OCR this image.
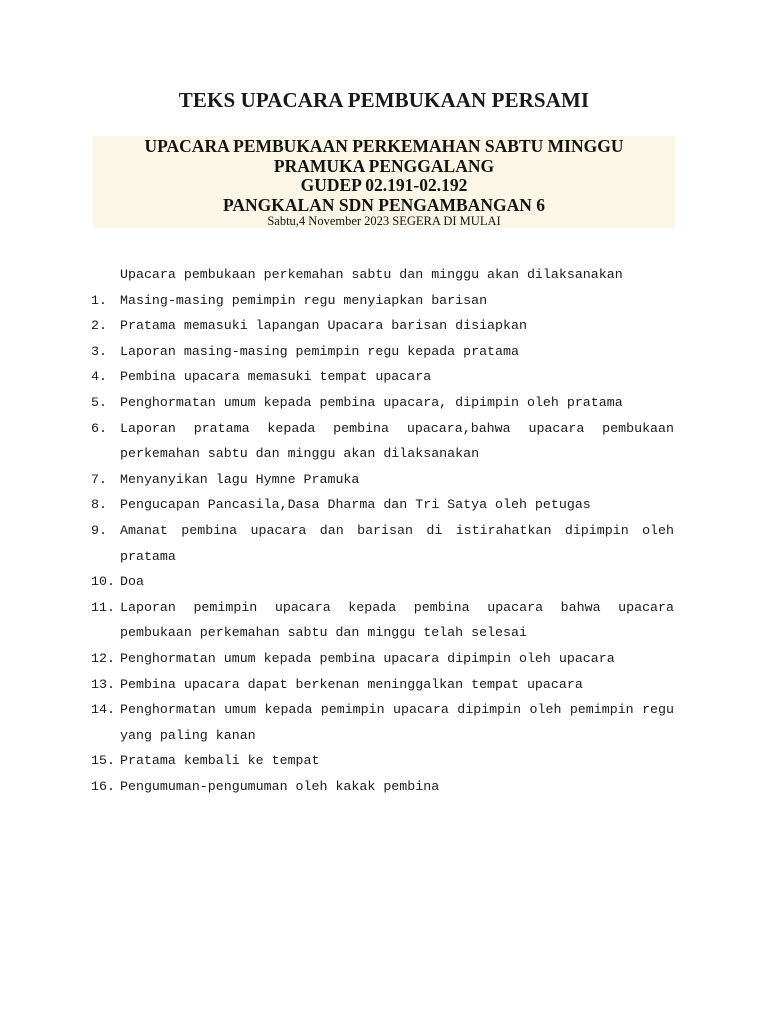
TEKS UPACARA PEMBUKAAN PERSAMI
UPACARA PEMBUKAAN PERKEMAHAN SABTU MINGGU
PRAMUKA PENGGALANG
GUDEP 02.191-02.192
PANGKALAN SDN PENGAMBANGAN 6
Sabtu,4 November 2023 SEGERA DI MULAI
Upacara pembukaan perkemahan sabtu dan minggu akan dilaksanakan
1. Masing-masing pemimpin regu menyiapkan barisan
2. Pratama memasuki lapangan Upacara barisan disiapkan
3. Laporan masing-masing pemimpin regu kepada pratama
4. Pembina upacara memasuki tempat upacara
5. Penghormatan umum kepada pembina upacara, dipimpin oleh pratama
6. Laporan pratama kepada pembina upacara,bahwa upacara pembukaan perkemahan sabtu dan minggu akan dilaksanakan
7. Menyanyikan lagu Hymne Pramuka
8. Pengucapan Pancasila,Dasa Dharma dan Tri Satya oleh petugas
9. Amanat pembina upacara dan barisan di istirahatkan dipimpin oleh pratama
10. Doa
11. Laporan pemimpin upacara kepada pembina upacara bahwa upacara pembukaan perkemahan sabtu dan minggu telah selesai
12. Penghormatan umum kepada pembina upacara dipimpin oleh upacara
13. Pembina upacara dapat berkenan meninggalkan tempat upacara
14. Penghormatan umum kepada pemimpin upacara dipimpin oleh pemimpin regu yang paling kanan
15. Pratama kembali ke tempat
16. Pengumuman-pengumuman oleh kakak pembina
